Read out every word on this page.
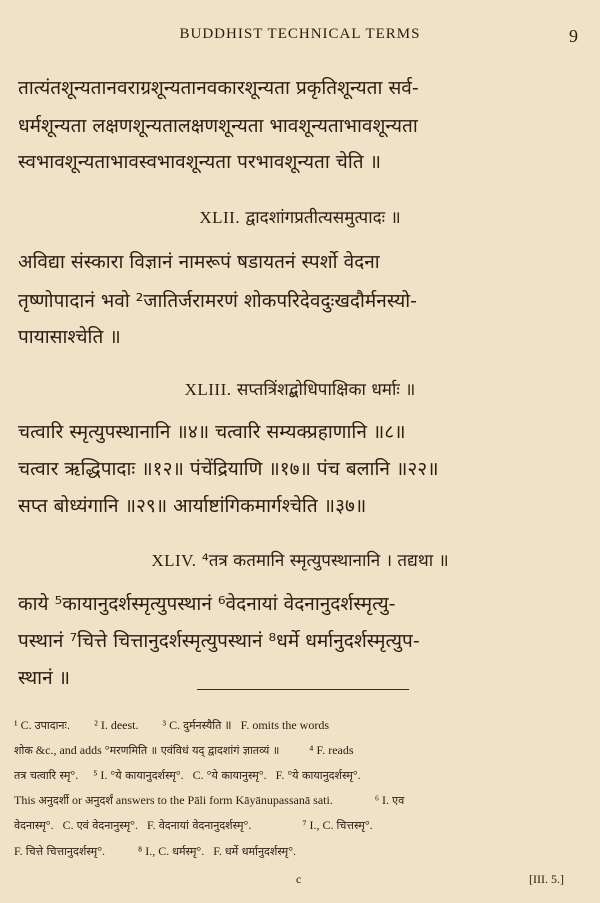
BUDDHIST TECHNICAL TERMS	9
तात्यंतशून्यतानवराग्रशून्यतानवकारशून्यता प्रकृतिशून्यता सर्व-
धर्मशून्यता लक्षणशून्यतालक्षणशून्यता भावशून्यताभावशून्यता
स्वभावशून्यताभावस्वभावशून्यता परभावशून्यता चेति ॥
XLII. द्वादशांगप्रतीत्यसमुत्पादः ॥
अविद्या संस्कारा विज्ञानं नामरूपं षडायतनं स्पर्शो वेदना
तृष्णोपादानं भवो ²जातिर्जरामरणं शोकपरिदेवदुःखदौर्मनस्यो-
पायासाश्चेति ॥
XLIII. सप्तत्रिंशद्बोधिपाक्षिका धर्माः ॥
चत्वारि स्मृत्युपस्थानानि ॥४॥ चत्वारि सम्यक्प्रहाणानि ॥८॥
चत्वार ऋद्धिपादाः ॥१२॥ पंचेंद्रियाणि ॥१७॥ पंच बलानि ॥२२॥
सप्त बोध्यंगानि ॥२९॥ आर्याष्टांगिकमार्गश्चेति ॥३७॥
XLIV. ⁴तत्र कतमानि स्मृत्युपस्थानानि । तद्यथा ॥
काये ⁵कायानुदर्शस्मृत्युपस्थानं ⁶वेदनायां वेदनानुदर्शस्मृत्यु-
पस्थानं ⁷चित्ते चित्तानुदर्शस्मृत्युपस्थानं ⁸धर्मे धर्मानुदर्शस्मृत्युप-
स्थानं ॥
¹ C. उपादानः.        ² I. deest.        ³ C. दुर्मनस्यैति ॥   F. omits the words
शोक &c., and adds °मरणमिति ॥ एवंविधं यद् द्वादशांगं ज्ञातव्यं ॥          ⁴ F. reads
तत्र चत्वारि स्मृ°.     ⁵ I. °ये कायानुदर्शस्मृ°.   C. °ये कायानुस्मृ°.   F. °ये कायानुदर्शस्मृ°.
This अनुदर्शी or अनुदर्शं answers to the Pāli form Kāyānupassanā sati.              ⁶ I. एव
वेदनास्मृ°.   C. एवं वेदनानुस्मृ°.   F. वेदनायां वेदनानुदर्शस्मृ°.                 ⁷ I., C. चित्तस्मृ°.
F. चित्ते चित्तानुदर्शस्मृ°.           ⁸ I., C. धर्मस्मृ°.   F. धर्मे धर्मानुदर्शस्मृ°.
c	[III. 5.]
